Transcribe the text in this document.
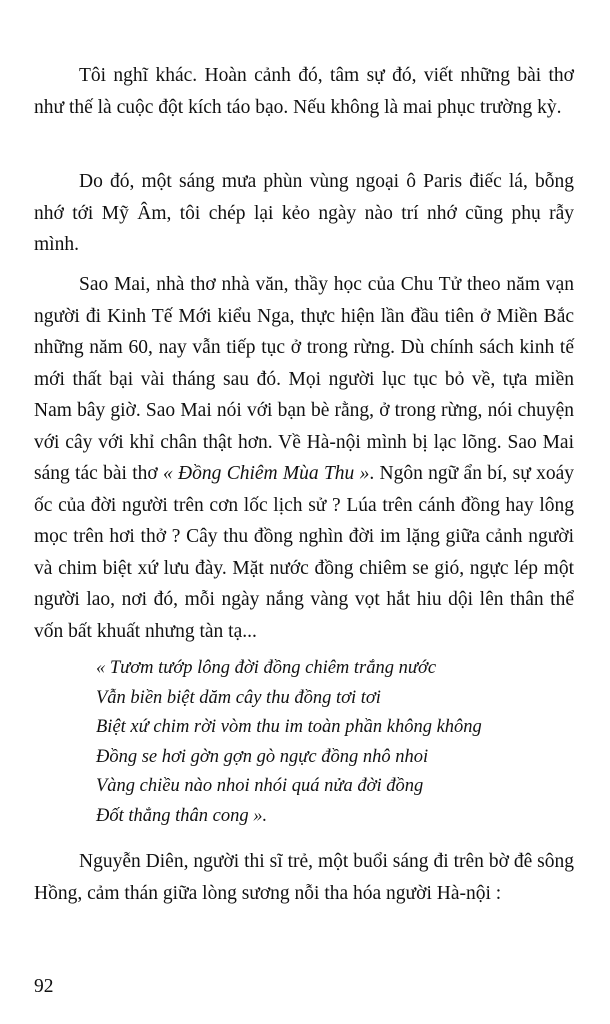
Tôi nghĩ khác. Hoàn cảnh đó, tâm sự đó, viết những bài thơ như thế là cuộc đột kích táo bạo. Nếu không là mai phục trường kỳ.

Do đó, một sáng mưa phùn vùng ngoại ô Paris điếc lá, bỗng nhớ tới Mỹ Âm, tôi chép lại kẻo ngày nào trí nhớ cũng phụ rẫy mình.

Sao Mai, nhà thơ nhà văn, thầy học của Chu Tử theo năm vạn người đi Kinh Tế Mới kiểu Nga, thực hiện lần đầu tiên ở Miền Bắc những năm 60, nay vẫn tiếp tục ở trong rừng. Dù chính sách kinh tế mới thất bại vài tháng sau đó. Mọi người lục tục bỏ về, tựa miền Nam bây giờ. Sao Mai nói với bạn bè rằng, ở trong rừng, nói chuyện với cây với khỉ chân thật hơn. Về Hà-nội mình bị lạc lõng. Sao Mai sáng tác bài thơ « Đồng Chiêm Mùa Thu ». Ngôn ngữ ẩn bí, sự xoáy ốc của đời người trên cơn lốc lịch sử ? Lúa trên cánh đồng hay lông mọc trên hơi thở ? Cây thu đồng nghìn đời im lặng giữa cảnh người và chim biệt xứ lưu đày. Mặt nước đồng chiêm se gió, ngực lép một người lao, nơi đó, mỗi ngày nắng vàng vọt hắt hiu dội lên thân thể vốn bất khuất nhưng tàn tạ...

« Tươm tướp lông đời đồng chiêm trắng nước
Vẫn biền biệt dăm cây thu đồng tơi tơi
Biệt xứ chim rời vòm thu im toàn phần không không
Đồng se hơi gờn gợn gò ngực đồng nhô nhoi
Vàng chiều nào nhoi nhói quá nửa đời đồng
Đốt thẳng thân cong ».

Nguyễn Diên, người thi sĩ trẻ, một buổi sáng đi trên bờ đê sông Hồng, cảm thán giữa lòng sương nỗi tha hóa người Hà-nội :

92
